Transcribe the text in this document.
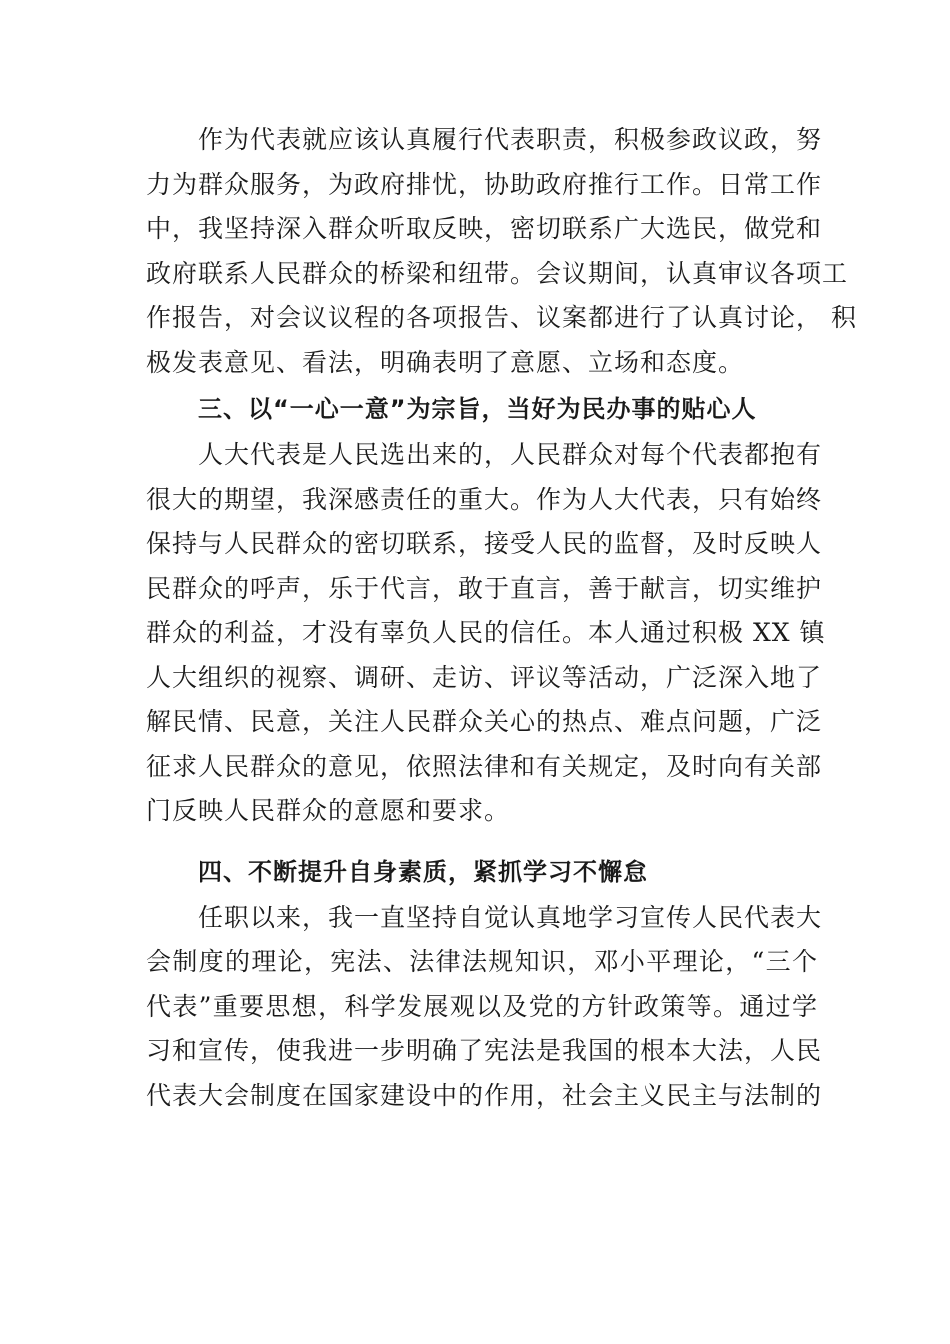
作为代表就应该认真履行代表职责，积极参政议政，努
力为群众服务，为政府排忧，协助政府推行工作。日常工作
中，我坚持深入群众听取反映，密切联系广大选民，做党和
政府联系人民群众的桥梁和纽带。会议期间，认真审议各项工
作报告，对会议议程的各项报告、议案都进行了认真讨论， 积
极发表意见、看法，明确表明了意愿、立场和态度。
三、以“一心一意”为宗旨，当好为民办事的贴心人
人大代表是人民选出来的，人民群众对每个代表都抱有
很大的期望，我深感责任的重大。作为人大代表，只有始终
保持与人民群众的密切联系，接受人民的监督，及时反映人
民群众的呼声，乐于代言，敢于直言，善于献言，切实维护
群众的利益，才没有辜负人民的信任。本人通过积极 XX 镇
人大组织的视察、调研、走访、评议等活动，广泛深入地了
解民情、民意，关注人民群众关心的热点、难点问题，广泛
征求人民群众的意见，依照法律和有关规定，及时向有关部
门反映人民群众的意愿和要求。
四、不断提升自身素质，紧抓学习不懈怠
任职以来，我一直坚持自觉认真地学习宣传人民代表大
会制度的理论，宪法、法律法规知识，邓小平理论，“三个
代表”重要思想，科学发展观以及党的方针政策等。通过学
习和宣传，使我进一步明确了宪法是我国的根本大法，人民
代表大会制度在国家建设中的作用，社会主义民主与法制的
